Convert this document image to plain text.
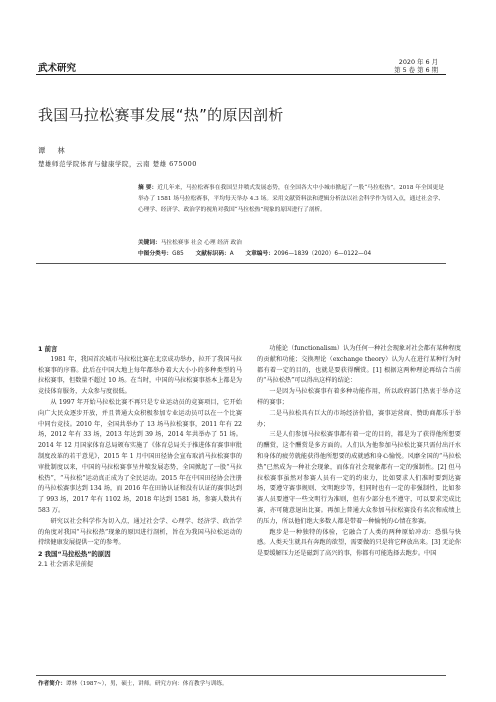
武术研究
2020 年 6 月
第 5 卷 第 6 期
我国马拉松赛事发展“热”的原因剖析
谭 林
楚雄师范学院体育与健康学院，云南 楚雄 675000
摘 要：近几年来，马拉松赛事在我国呈井喷式发展态势，在全国各大中小城市掀起了一股“马拉松热”。2018 年全国更是举办了 1581 场马拉松赛事，平均每天举办 4.3 场。采用文献资料法和逻辑分析法以社会科学作为切入点，通过社会学、心理学、经济学、政治学的视角对我国“马拉松热”现象的原因进行了剖析。
关键词：马拉松赛事 社会 心理 经济 政治
中图分类号：G85 文献标识码：A 文章编号：2096—1839（2020）6—0122—04
1 前言

1981 年，我国首次城市马拉松比赛在北京成功举办，拉开了我国马拉松赛事的序幕。此后在中国大地上每年都举办着大大小小的多种类型的马拉松赛事，但数量不超过 10 场。在当时，中国的马拉松赛事基本上都是为竞技体育服务，大众参与度很低。

从 1997 年开始马拉松比赛不再只是专业运动员的竞赛项目，它开始向广大民众逐步开放，并且普通大众积极参加专业运动员可以在一个比赛中同台竞技。2010 年，全国共举办了 13 场马拉松赛事，2011 年有 22 场，2012 年有 33 场，2013 年达到 39 场，2014 年共举办了 51 场。2014 年 12 月国家体育总局颁布实施了《体育总局关于推进体育赛事审批制度改革的若干意见》，2015 年 1 月中国田径协会宣布取消马拉松赛事的审批制度以来，中国的马拉松赛事呈井喷发展态势，全国掀起了一股“马拉松热”，“马拉松”运动真正成为了全民运动。2015 年在中国田径协会注册的马拉松赛事达到 134 场，而 2016 年在田协认证和没有认证的赛事达到了 993 场，2017 年有 1102 场，2018 年达到 1581 场，参赛人数共有 583 万。

研究以社会科学作为切入点，通过社会学、心理学、经济学、政治学的角度对我国“马拉松热”现象的原因进行剖析，旨在为我国马拉松运动的持续健康发展提供一定的参考。

2 我国“马拉松热”的原因
2.1 社会需求是前提

功能论（functionalism）认为任何一种社会现象对社会都有某种程度的贡献和功能；交换理论（exchange theory）认为人在进行某种行为时都有着一定的目的，也就是要获得酬赏。[1] 根据这两种理论再结合当前的“马拉松热”可以得出这样的结论：

一是因为马拉松赛事有着多种功能作用，所以政府部门热衷于举办这样的赛事；

二是马拉松具有巨大的市场经济价值，赛事运营商、赞助商都乐于举办；

三是人们参加马拉松赛事都有着一定的目的，都是为了获得他所想要的酬赏，这个酬赏是多方面的。人们认为他参加马拉松比赛只需付出汗水和身体的疲劳就能获得他所想要的成就感和身心愉悦。风靡全国的“马拉松热”已然成为一种社会现象，而体育社会现象都有一定的强制性。[2] 但马拉松赛事虽然对参赛人员有一定的约束力，比如要求人们准时要到达赛场，要遵守赛事规则、文明跑步等，但同时也有一定的非强制性，比如参赛人员要遵守一些文明行为准则，但有少部分也不遵守，可以要求完成比赛，亦可随意退出比赛。再加上普通大众参加马拉松赛没有名次和成绩上的压力，所以他们绝大多数人都是带着一种愉悦的心情在参赛。

跑步是一种独特的体验，它融合了人类的两种原始冲动：恐惧与快感。人类天生就具有奔跑的欲望，需要做的只是将它释放出来。[3] 无论你是要缓解压力还是磁到了高兴的事，你都有可能选择去跑步。中国

作者简介：谭林（1987~），男，硕士，讲师。研究方向：体育教学与训练。
